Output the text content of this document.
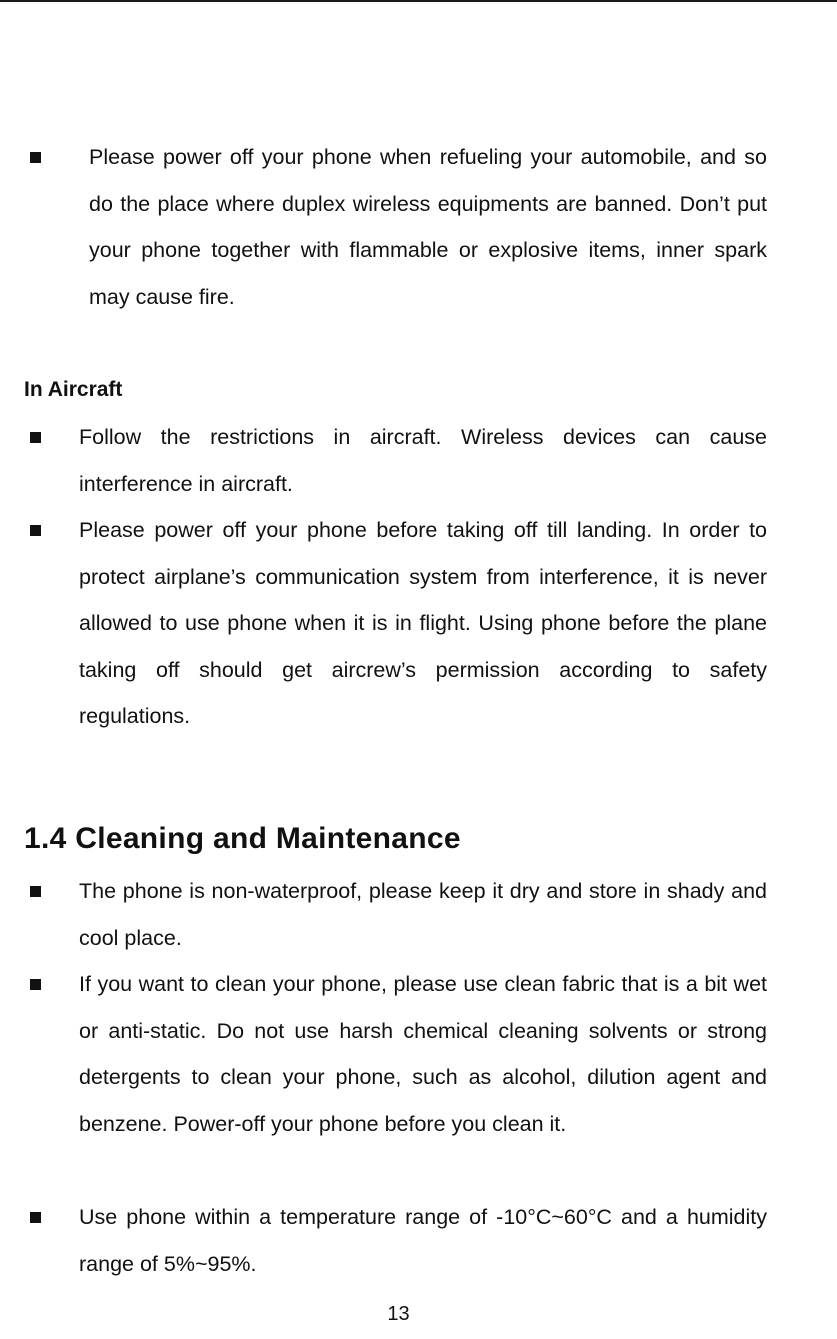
Please power off your phone when refueling your automobile, and so do the place where duplex wireless equipments are banned. Don’t put your phone together with flammable or explosive items, inner spark may cause fire.
In Aircraft
Follow the restrictions in aircraft. Wireless devices can cause interference in aircraft.
Please power off your phone before taking off till landing. In order to protect airplane’s communication system from interference, it is never allowed to use phone when it is in flight. Using phone before the plane taking off should get aircrew’s permission according to safety regulations.
1.4 Cleaning and Maintenance
The phone is non-waterproof, please keep it dry and store in shady and cool place.
If you want to clean your phone, please use clean fabric that is a bit wet or anti-static. Do not use harsh chemical cleaning solvents or strong detergents to clean your phone, such as alcohol, dilution agent and benzene. Power-off your phone before you clean it.
Use phone within a temperature range of -10°C~60°C and a humidity range of 5%~95%.
13
